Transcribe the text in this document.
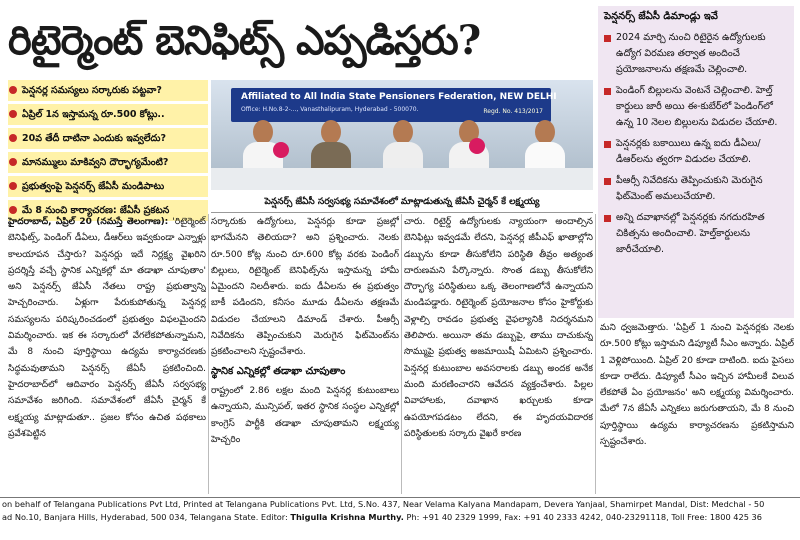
రిటైర్మెంట్ బెనిఫిట్స్ ఎప్పడిస్తరు?
పెన్షనర్ల సమస్యలు సర్కారుకు పట్టవా?
ఏప్రిల్ 1న ఇస్తామన్న రూ.500 కోట్లు..
20వ తేదీ దాటినా ఎందుకు ఇవ్వలేదు?
మానమ్ములు మాకివ్వని దౌర్భాగ్యమేంటి?
ప్రభుత్వంపై పెన్షనర్స్ జేఏసీ మండిపాటు
మే 8 నుంచి కార్యాచరణ: జేఏసీ ప్రకటన
Affiliated to All India State Pensioners Federation, NEW DELHI
Office: H.No.8-2-..., Vanasthalipuram, Hyderabad - 500070.	Regd. No. 413/2017
పెన్షనర్స్ జేఏసీ సర్వసభ్య సమావేశంలో మాట్లాడుతున్న జేఏసీ చైర్మన్ కే లక్ష్మయ్య

హైదరాబాద్, ఏప్రిల్ 20 (నమస్తే తెలంగాణ): 'రిటైర్మెంట్ బెనిఫిట్స్, పెండింగ్ డీఏలు, డీఆర్‌లు ఇవ్వకుండా ఎన్నాళ్లు కాలయాపన చేస్తారు? పెన్షనర్లు ఇదే నిర్లక్ష్య వైఖరిని ప్రదర్శిస్తే వచ్చే స్థానిక ఎన్నికల్లో మా తడాఖా చూపుతాం' అని పెన్షనర్స్ జేఏసీ నేతలు రాష్ట్ర ప్రభుత్వాన్ని హెచ్చరించారు. ఏళ్లుగా పేరుకుపోతున్న పెన్షనర్ల సమస్యలను పరిష్కరించడంలో ప్రభుత్వం విఫలమైందని విమర్శించారు. ఇక ఈ సర్కారులో వేగలేకపోతున్నామని, మే 8 నుంచి పూర్తిస్థాయి ఉద్యమ కార్యాచరణకు సిద్ధమవుతామని పెన్షనర్స్ జేఏసీ ప్రకటించింది. హైదరాబాద్‌లో ఆదివారం పెన్షనర్స్ జేఏసీ సర్వసభ్య సమావేశం జరిగింది. సమావేశంలో జేఏసీ చైర్మన్ కే లక్ష్మయ్య మాట్లాడుతూ.. ప్రజల కోసం ఉచిత పథకాలు ప్రవేశపెట్టిన

సర్కారుకు ఉద్యోగులు, పెన్షనర్లు కూడా ప్రజల్లో భాగమేనని తెలియదా? అని ప్రశ్నించారు. నెలకు రూ.500 కోట్ల నుంచి రూ.600 కోట్ల వరకు పెండింగ్ బిల్లులు, రిటైర్మెంట్ బెనిఫిట్స్‌ను ఇస్తామన్న హామీ ఏమైందని నిలదీశారు. ఐదు డీఏలను ఈ ప్రభుత్వం బాకీ పడిందని, కనీసం మూడు డీఏలను తక్షణమే విడుదల చేయాలని డిమాండ్ చేశారు. పీఆర్సీ నివేదికను తెప్పించుకుని మెరుగైన ఫిట్‌మెంట్‌ను ప్రకటించాలని స్పష్టంచేశారు.

స్థానిక ఎన్నికల్లో తడాఖా చూపుతాం

రాష్ట్రంలో 2.86 లక్షల మంది పెన్షనర్ల కుటుంబాలు ఉన్నాయని, మున్సిపల్, ఇతర స్థానిక సంస్థల ఎన్నికల్లో కాంగ్రెస్ పార్టీకి తడాఖా చూపుతామని లక్ష్మయ్య హెచ్చరిం

చారు. రిటైర్డ్ ఉద్యోగులకు న్యాయంగా అందాల్సిన బెనిఫిట్లు ఇవ్వడమే లేదని, పెన్షనర్ల జీపీఎఫ్ ఖాతాల్లోని డబ్బును కూడా తీసుకోలేని పరిస్థితి తీవ్రం అత్యంత దారుణమని పేర్కొన్నారు. సొంత డబ్బు తీసుకోలేని దౌర్భాగ్య పరిస్థితులు ఒక్క తెలంగాణలోనే ఉన్నాయని మండిపడ్డారు. రిటైర్మెంట్ ప్రయోజనాల కోసం హైకోర్టుకు వెళ్లాల్సి రావడం ప్రభుత్వ వైఫల్యానికి నిదర్శనమని తెలిపారు. అయినా తమ డబ్బుపై, తాము దాచుకున్న సొమ్ముపై ప్రభుత్వ అజమాయిషీ ఏమిటని ప్రశ్నించారు. పెన్షనర్ల కుటుంబాల అవసరాలకు డబ్బు అందక అనేక మంది మరణించారని ఆవేదన వ్యక్తంచేశారు. పిల్లల వివాహాలకు, దవాఖాన ఖర్చులకు కూడా ఉపయోగపడటం లేదని, ఈ హృదయవిదారక పరిస్థితులకు సర్కారు వైఖరే కారణ

పెన్షనర్స్ జేఏసీ డిమాండ్లు ఇవే
2024 మార్చి నుంచి రిటైరైన ఉద్యోగులకు ఉద్యోగ విరమణ తర్వాత అందించే ప్రయోజనాలను తక్షణమే చెల్లించాలి.
పెండింగ్ బిల్లులను వెంటనే చెల్లించాలి. హెల్త్ కార్డులు జారీ అయి ఈ-కుబేర్‌లో పెండింగ్‌లో ఉన్న 10 నెలల బిల్లులను విడుదల చేయాలి.
పెన్షనర్లకు బకాయిలు ఉన్న ఐదు డీఏలు/డీఆర్‌లను త్వరగా విడుదల చేయాలి.
పీఆర్సీ నివేదికను తెప్పించుకుని మెరుగైన ఫిట్‌మెంట్ అమలుచేయాలి.
అన్ని దవాఖానల్లో పెన్షనర్లకు నగదురహిత చికిత్సను అందించాలి. హెల్త్‌కార్డులను జారీచేయాలి.

మని ధ్వజమెత్తారు. 'ఏప్రిల్ 1 నుంచి పెన్షనర్లకు నెలకు రూ.500 కోట్లు ఇస్తామని డిప్యూటీ సీఎం అన్నారు. ఏప్రిల్ 1 వెళ్లిపోయింది. ఏప్రిల్ 20 కూడా దాటింది. ఐదు పైసలు కూడా రాలేదు. డిప్యూటీ సీఎం ఇచ్చిన హామీలకే విలువ లేకపోతే ఏం ప్రయోజనం' అని లక్ష్మయ్య విమర్శించారు. మేలో 7న జేఏసీ ఎన్నికలు జరుగుతాయని, మే 8 నుంచి పూర్తిస్థాయి ఉద్యమ కార్యాచరణను ప్రకటిస్తామని స్పష్టంచేశారు.

on behalf of Telangana Publications Pvt Ltd, Printed at Telangana Publications Pvt. Ltd, S.No. 437, Near Velama Kalyana Mandapam, Devera Yanjaal, Shamirpet Mandal, Dist: Medchal - 50
ad No.10, Banjara Hills, Hyderabad, 500 034, Telangana State. Editor: Thigulla Krishna Murthy. Ph: +91 40 2329 1999, Fax: +91 40 2333 4242, 040-23291118, Toll Free: 1800 425 36
